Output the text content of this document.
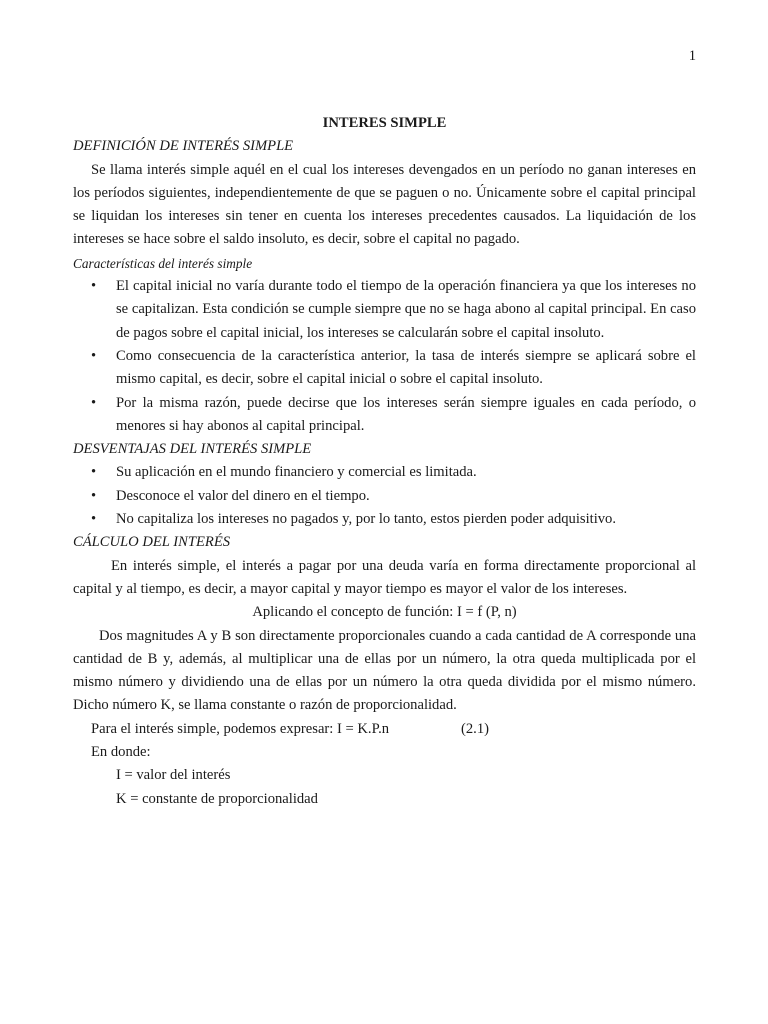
1
INTERES SIMPLE
DEFINICIÓN DE INTERÉS SIMPLE

Se llama interés simple aquél en el cual los intereses devengados en un período no ganan intereses en los períodos siguientes, independientemente de que se paguen o no. Únicamente sobre el capital principal se liquidan los intereses sin tener en cuenta los intereses precedentes causados. La liquidación de los intereses se hace sobre el saldo insoluto, es decir, sobre el capital no pagado.

Características del interés simple
• El capital inicial no varía durante todo el tiempo de la operación financiera ya que los intereses no se capitalizan. Esta condición se cumple siempre que no se haga abono al capital principal. En caso de pagos sobre el capital inicial, los intereses se calcularán sobre el capital insoluto.
• Como consecuencia de la característica anterior, la tasa de interés siempre se aplicará sobre el mismo capital, es decir, sobre el capital inicial o sobre el capital insoluto.
• Por la misma razón, puede decirse que los intereses serán siempre iguales en cada período, o menores si hay abonos al capital principal.
DESVENTAJAS DEL INTERÉS SIMPLE
• Su aplicación en el mundo financiero y comercial es limitada.
• Desconoce el valor del dinero en el tiempo.
• No capitaliza los intereses no pagados y, por lo tanto, estos pierden poder adquisitivo.
CÁLCULO DEL INTERÉS

En interés simple, el interés a pagar por una deuda varía en forma directamente proporcional al capital y al tiempo, es decir, a mayor capital y mayor tiempo es mayor el valor de los intereses.

Aplicando el concepto de función: I = f (P, n)

Dos magnitudes A y B son directamente proporcionales cuando a cada cantidad de A corresponde una cantidad de B y, además, al multiplicar una de ellas por un número, la otra queda multiplicada por el mismo número y dividiendo una de ellas por un número la otra queda dividida por el mismo número. Dicho número K, se llama constante o razón de proporcionalidad.

Para el interés simple, podemos expresar: I = K.P.n	(2.1)
En donde:
I = valor del interés
K = constante de proporcionalidad
